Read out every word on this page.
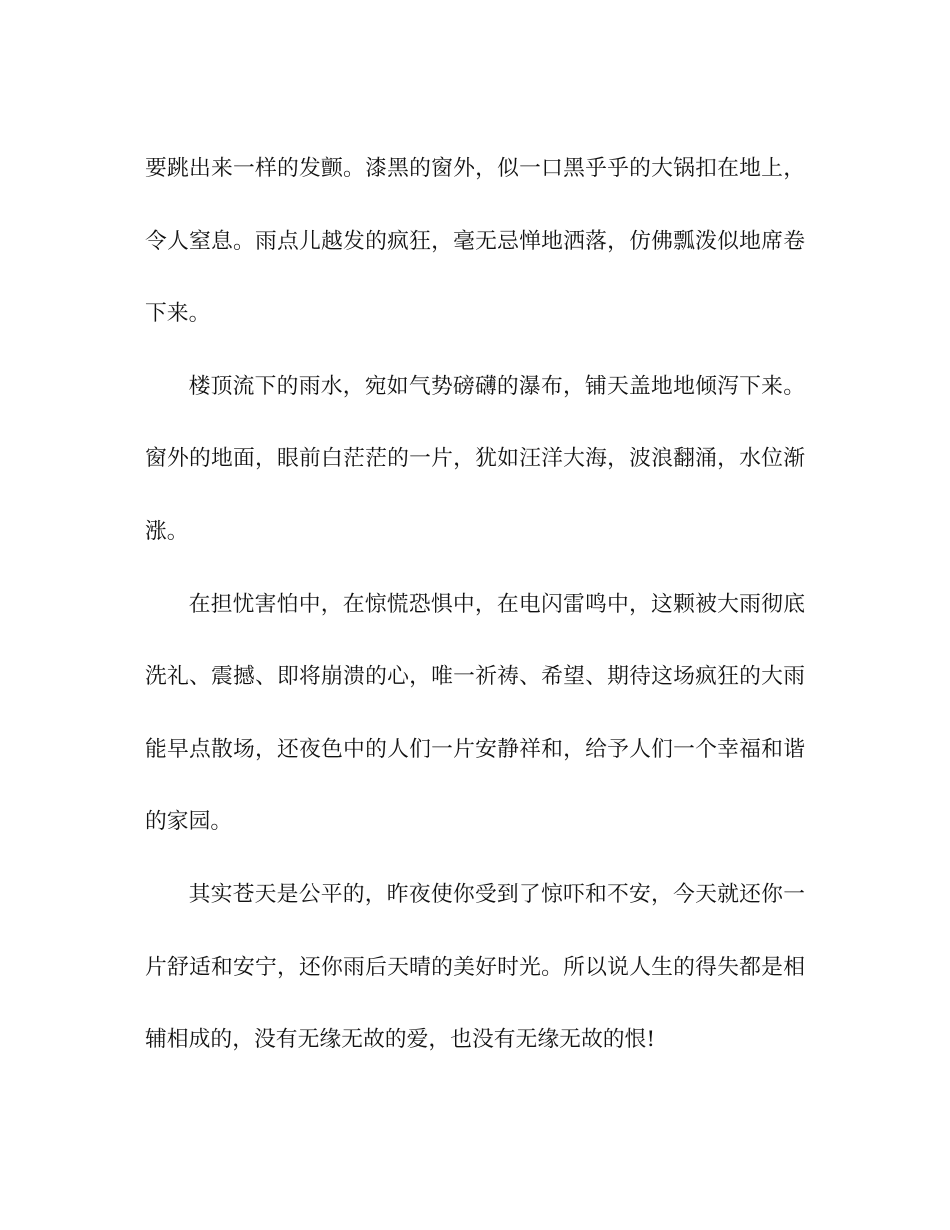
要跳出来一样的发颤。漆黑的窗外，似一口黑乎乎的大锅扣在地上，令人窒息。雨点儿越发的疯狂，毫无忌惮地洒落，仿佛瓢泼似地席卷下来。

楼顶流下的雨水，宛如气势磅礴的瀑布，铺天盖地地倾泻下来。窗外的地面，眼前白茫茫的一片，犹如汪洋大海，波浪翻涌，水位渐涨。

在担忧害怕中，在惊慌恐惧中，在电闪雷鸣中，这颗被大雨彻底洗礼、震撼、即将崩溃的心，唯一祈祷、希望、期待这场疯狂的大雨能早点散场，还夜色中的人们一片安静祥和，给予人们一个幸福和谐的家园。

其实苍天是公平的，昨夜使你受到了惊吓和不安，今天就还你一片舒适和安宁，还你雨后天晴的美好时光。所以说人生的得失都是相辅相成的，没有无缘无故的爱，也没有无缘无故的恨!
